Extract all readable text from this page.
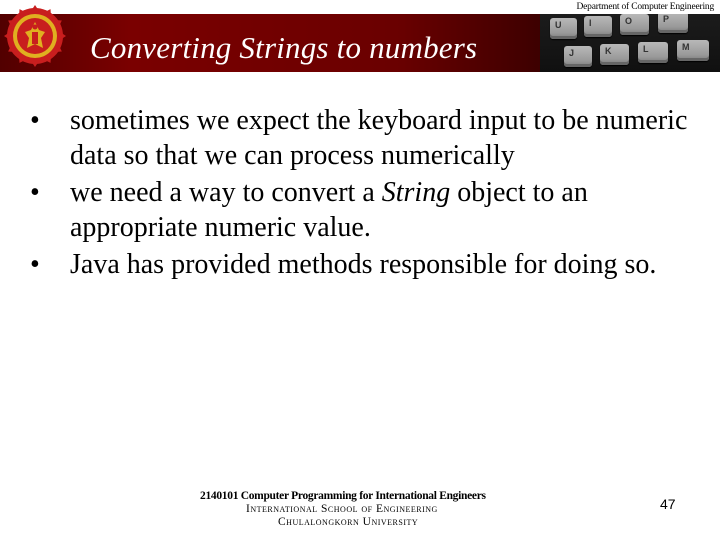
Department of Computer Engineering
U	I	O	P
J	K	L	M
Converting Strings to numbers
•	sometimes we expect the keyboard input to be numeric data so that we can process numerically
•	we need a way to convert a String object to an appropriate numeric value.
•	Java has provided methods responsible for doing so.
2140101 Computer Programming for International Engineers
International School of Engineering
Chulalongkorn University
47
